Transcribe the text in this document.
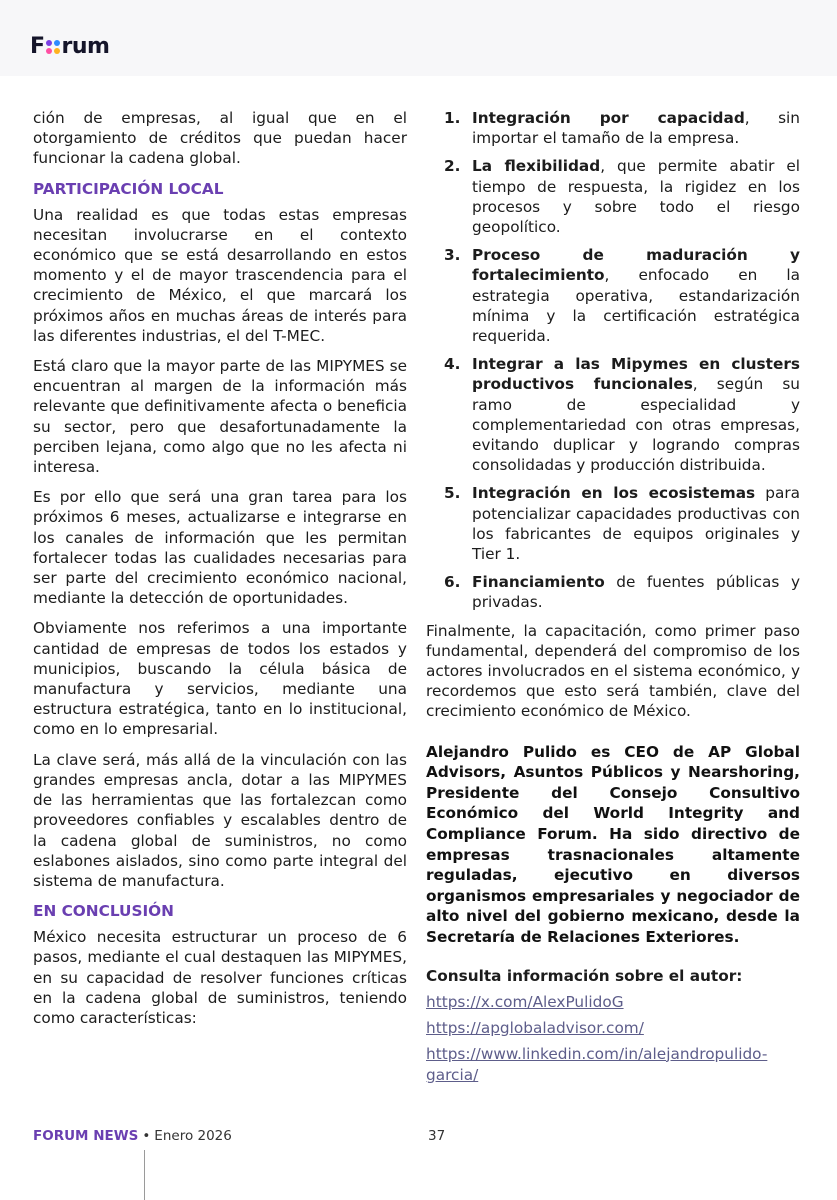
F rum

ción de empresas, al igual que en el otorgamiento de créditos que puedan hacer funcionar la cadena global.

PARTICIPACIÓN LOCAL

Una realidad es que todas estas empresas necesitan involucrarse en el contexto económico que se está desarrollando en estos momento y el de mayor trascendencia para el crecimiento de México, el que marcará los próximos años en muchas áreas de interés para las diferentes industrias, el del T-MEC.

Está claro que la mayor parte de las MIPYMES se encuentran al margen de la información más relevante que definitivamente afecta o beneficia su sector, pero que desafortunadamente la perciben lejana, como algo que no les afecta ni interesa.

Es por ello que será una gran tarea para los próximos 6 meses, actualizarse e integrarse en los canales de información que les permitan fortalecer todas las cualidades necesarias para ser parte del crecimiento económico nacional, mediante la detección de oportunidades.

Obviamente nos referimos a una importante cantidad de empresas de todos los estados y municipios, buscando la célula básica de manufactura y servicios, mediante una estructura estratégica, tanto en lo institucional, como en lo empresarial.

La clave será, más allá de la vinculación con las grandes empresas ancla, dotar a las MIPYMES de las herramientas que las fortalezcan como proveedores confiables y escalables dentro de la cadena global de suministros, no como eslabones aislados, sino como parte integral del sistema de manufactura.

EN CONCLUSIÓN

México necesita estructurar un proceso de 6 pasos, mediante el cual destaquen las MIPYMES, en su capacidad de resolver funciones críticas en la cadena global de suministros, teniendo como características:

1. Integración por capacidad, sin importar el tamaño de la empresa.
2. La flexibilidad, que permite abatir el tiempo de respuesta, la rigidez en los procesos y sobre todo el riesgo geopolítico.
3. Proceso de maduración y fortalecimiento, enfocado en la estrategia operativa, estandarización mínima y la certificación estratégica requerida.
4. Integrar a las Mipymes en clusters productivos funcionales, según su ramo de especialidad y complementariedad con otras empresas, evitando duplicar y logrando compras consolidadas y producción distribuida.
5. Integración en los ecosistemas para potencializar capacidades productivas con los fabricantes de equipos originales y Tier 1.
6. Financiamiento de fuentes públicas y privadas.

Finalmente, la capacitación, como primer paso fundamental, dependerá del compromiso de los actores involucrados en el sistema económico, y recordemos que esto será también, clave del crecimiento económico de México.

Alejandro Pulido es CEO de AP Global Advisors, Asuntos Públicos y Nearshoring, Presidente del Consejo Consultivo Económico del World Integrity and Compliance Forum. Ha sido directivo de empresas trasnacionales altamente reguladas, ejecutivo en diversos organismos empresariales y negociador de alto nivel del gobierno mexicano, desde la Secretaría de Relaciones Exteriores.
Consulta información sobre el autor:
https://x.com/AlexPulidoG
https://apglobaladvisor.com/
https://www.linkedin.com/in/alejandropulido-garcia/
FORUM NEWS • Enero 2026	37
